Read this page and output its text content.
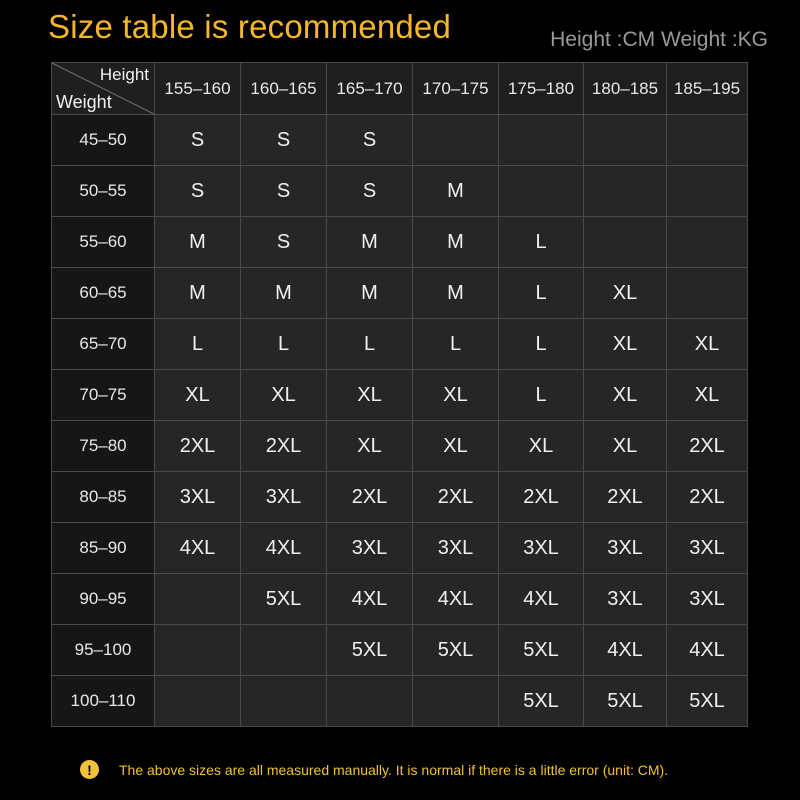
Size table is recommended	Height :CM Weight :KG
Height
Weight	155–160	160–165	165–170	170–175	175–180	180–185	185–195
45–50	S	S	S				
50–55	S	S	S	M			
55–60	M	S	M	M	L		
60–65	M	M	M	M	L	XL	
65–70	L	L	L	L	L	XL	XL
70–75	XL	XL	XL	XL	L	XL	XL
75–80	2XL	2XL	XL	XL	XL	XL	2XL
80–85	3XL	3XL	2XL	2XL	2XL	2XL	2XL
85–90	4XL	4XL	3XL	3XL	3XL	3XL	3XL
90–95		5XL	4XL	4XL	4XL	3XL	3XL
95–100			5XL	5XL	5XL	4XL	4XL
100–110					5XL	5XL	5XL
!	The above sizes are all measured manually. It is normal if there is a little error (unit: CM).
